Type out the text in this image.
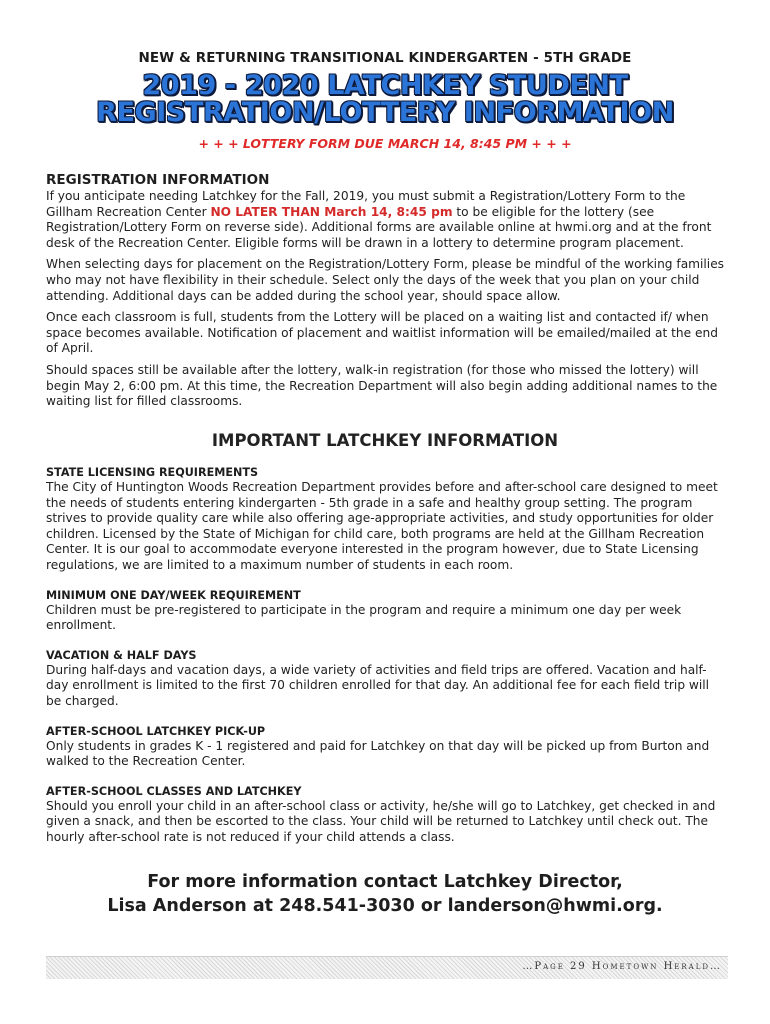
NEW & RETURNING TRANSITIONAL KINDERGARTEN - 5TH GRADE
2019 - 2020 LATCHKEY STUDENT
REGISTRATION/LOTTERY INFORMATION
+ + + LOTTERY FORM DUE MARCH 14, 8:45 PM + + +
REGISTRATION INFORMATION

If you anticipate needing Latchkey for the Fall, 2019, you must submit a Registration/Lottery Form to the Gillham Recreation Center NO LATER THAN March 14, 8:45 pm to be eligible for the lottery (see Registration/Lottery Form on reverse side). Additional forms are available online at hwmi.org and at the front desk of the Recreation Center. Eligible forms will be drawn in a lottery to determine program placement.

When selecting days for placement on the Registration/Lottery Form, please be mindful of the working families who may not have flexibility in their schedule. Select only the days of the week that you plan on your child attending. Additional days can be added during the school year, should space allow.

Once each classroom is full, students from the Lottery will be placed on a waiting list and contacted if/ when space becomes available. Notification of placement and waitlist information will be emailed/mailed at the end of April.

Should spaces still be available after the lottery, walk-in registration (for those who missed the lottery) will begin May 2, 6:00 pm. At this time, the Recreation Department will also begin adding additional names to the waiting list for filled classrooms.

IMPORTANT LATCHKEY INFORMATION
STATE LICENSING REQUIREMENTS

The City of Huntington Woods Recreation Department provides before and after-school care designed to meet the needs of students entering kindergarten - 5th grade in a safe and healthy group setting. The program strives to provide quality care while also offering age-appropriate activities, and study opportunities for older children. Licensed by the State of Michigan for child care, both programs are held at the Gillham Recreation Center. It is our goal to accommodate everyone interested in the program however, due to State Licensing regulations, we are limited to a maximum number of students in each room.

MINIMUM ONE DAY/WEEK REQUIREMENT

Children must be pre-registered to participate in the program and require a minimum one day per week enrollment.

VACATION & HALF DAYS

During half-days and vacation days, a wide variety of activities and field trips are offered. Vacation and half-day enrollment is limited to the first 70 children enrolled for that day. An additional fee for each field trip will be charged.

AFTER-SCHOOL LATCHKEY PICK-UP

Only students in grades K - 1 registered and paid for Latchkey on that day will be picked up from Burton and walked to the Recreation Center.

AFTER-SCHOOL CLASSES AND LATCHKEY

Should you enroll your child in an after-school class or activity, he/she will go to Latchkey, get checked in and given a snack, and then be escorted to the class. Your child will be returned to Latchkey until check out. The hourly after-school rate is not reduced if your child attends a class.

For more information contact Latchkey Director,
Lisa Anderson at 248.541-3030 or landerson@hwmi.org.
…Page 29 Hometown Herald…
